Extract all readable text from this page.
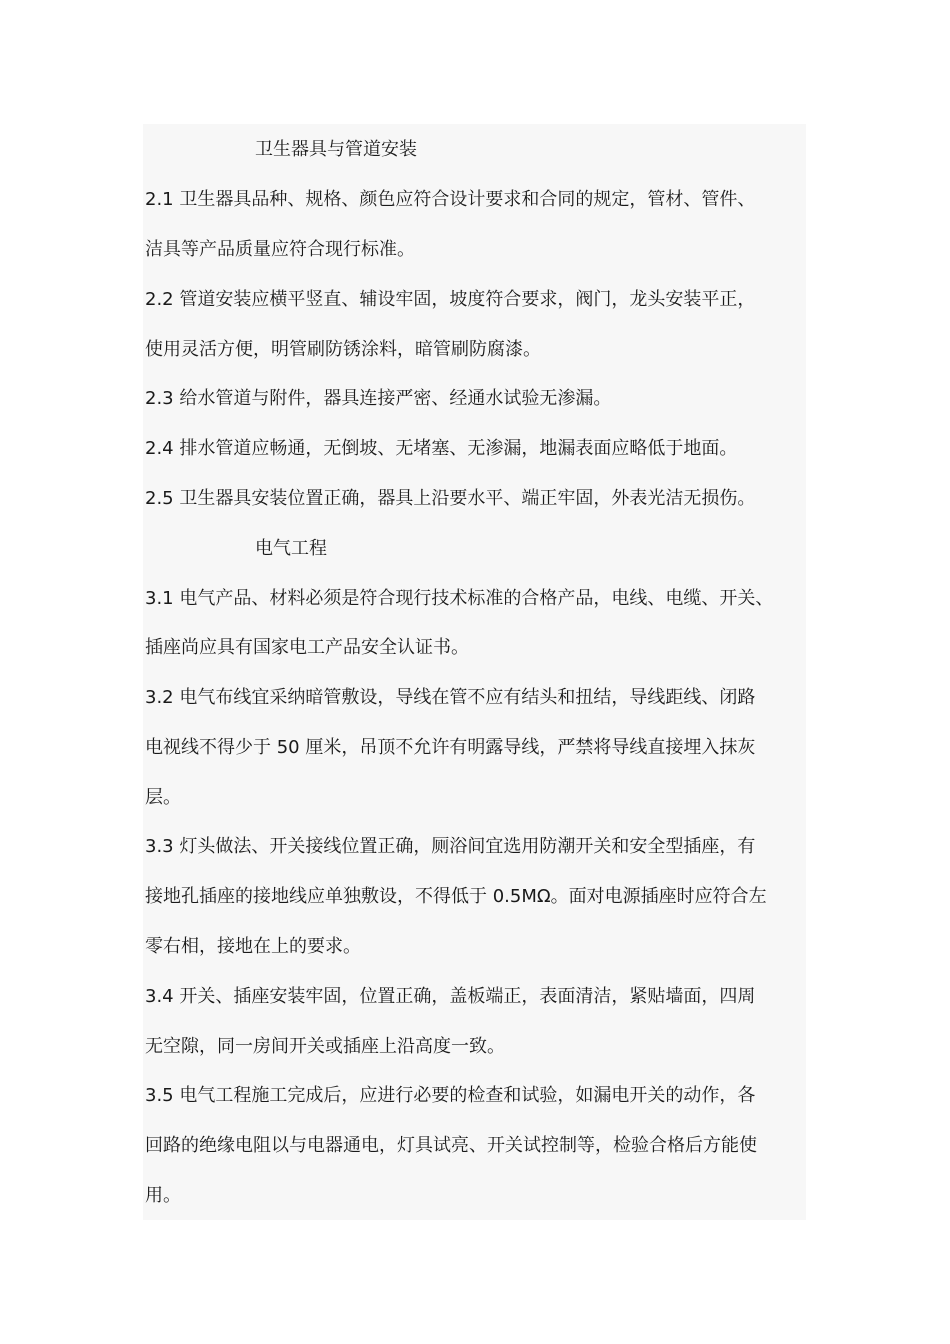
卫生器具与管道安装
2.1 卫生器具品种、规格、颜色应符合设计要求和合同的规定，管材、管件、
洁具等产品质量应符合现行标准。
2.2 管道安装应横平竖直、辅设牢固，坡度符合要求，阀门，龙头安装平正，
使用灵活方便，明管刷防锈涂料，暗管刷防腐漆。
2.3 给水管道与附件，器具连接严密、经通水试验无渗漏。
2.4 排水管道应畅通，无倒坡、无堵塞、无渗漏，地漏表面应略低于地面。
2.5 卫生器具安装位置正确，器具上沿要水平、端正牢固，外表光洁无损伤。
电气工程
3.1 电气产品、材料必须是符合现行技术标准的合格产品，电线、电缆、开关、
插座尚应具有国家电工产品安全认证书。
3.2 电气布线宜采纳暗管敷设，导线在管不应有结头和扭结，导线距线、闭路
电视线不得少于 50 厘米，吊顶不允许有明露导线，严禁将导线直接埋入抹灰
层。
3.3 灯头做法、开关接线位置正确，厕浴间宜选用防潮开关和安全型插座，有
接地孔插座的接地线应单独敷设，不得低于 0.5MΩ。面对电源插座时应符合左
零右相，接地在上的要求。
3.4 开关、插座安装牢固，位置正确，盖板端正，表面清洁，紧贴墙面，四周
无空隙，同一房间开关或插座上沿高度一致。
3.5 电气工程施工完成后，应进行必要的检查和试验，如漏电开关的动作，各
回路的绝缘电阻以与电器通电，灯具试亮、开关试控制等，检验合格后方能使
用。
